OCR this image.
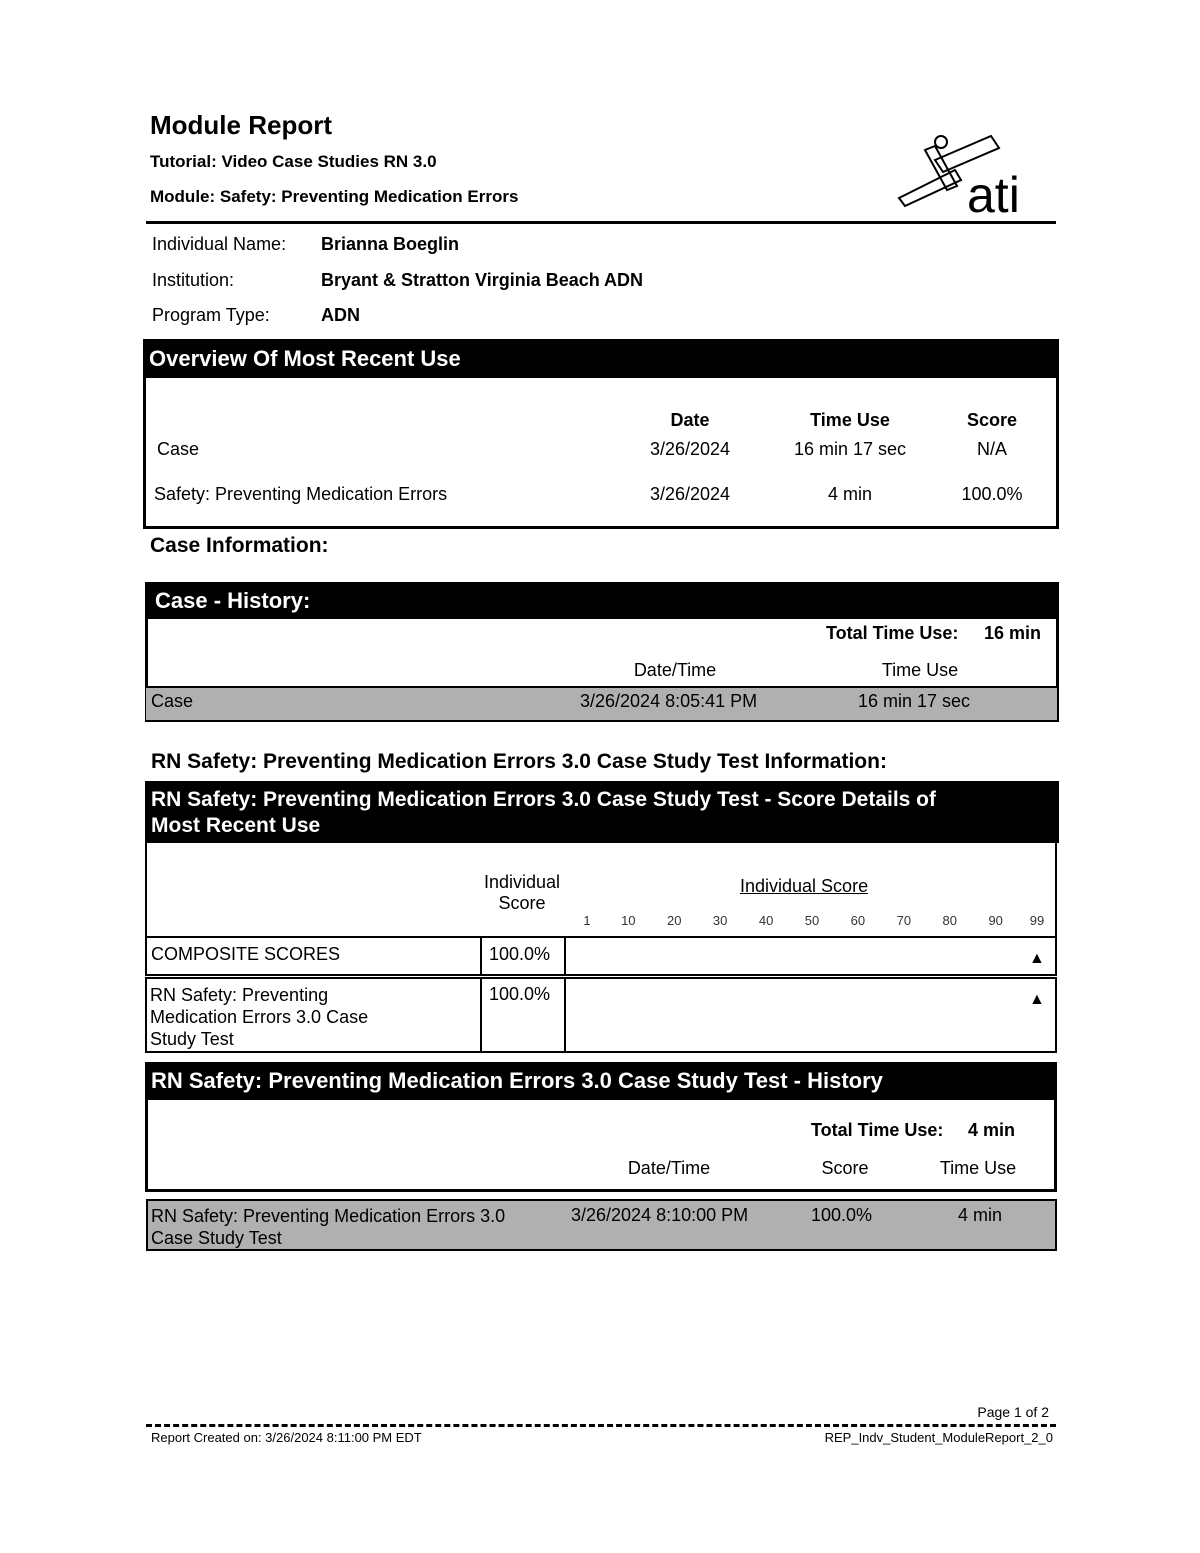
Module Report
Tutorial: Video Case Studies RN 3.0
Module: Safety: Preventing Medication Errors	ati
Individual Name: Brianna Boeglin
Institution:	Bryant & Stratton Virginia Beach ADN
Program Type:	ADN
Overview Of Most Recent Use
Date	Time Use	Score
Case	3/26/2024	16 min 17 sec	N/A
Safety: Preventing Medication Errors	3/26/2024	4 min	100.0%
Case Information:
Case - History:
Total Time Use: 16 min
Date/Time	Time Use
Case	3/26/2024 8:05:41 PM	16 min 17 sec
RN Safety: Preventing Medication Errors 3.0 Case Study Test Information:
RN Safety: Preventing Medication Errors 3.0 Case Study Test - Score Details of
Most Recent Use
Individual
Score
Individual Score
1	10	20	30	40	50	60	70	80	90	99
COMPOSITE SCORES	100.0%	▲
RN Safety: Preventing
Medication Errors 3.0 Case
Study Test
100.0%	▲
RN Safety: Preventing Medication Errors 3.0 Case Study Test - History
Total Time Use: 4 min
Date/Time	Score	Time Use
RN Safety: Preventing Medication Errors 3.0
Case Study Test
3/26/2024 8:10:00 PM	100.0%	4 min
Page 1 of 2
Report Created on: 3/26/2024 8:11:00 PM EDT	REP_Indv_Student_ModuleReport_2_0
